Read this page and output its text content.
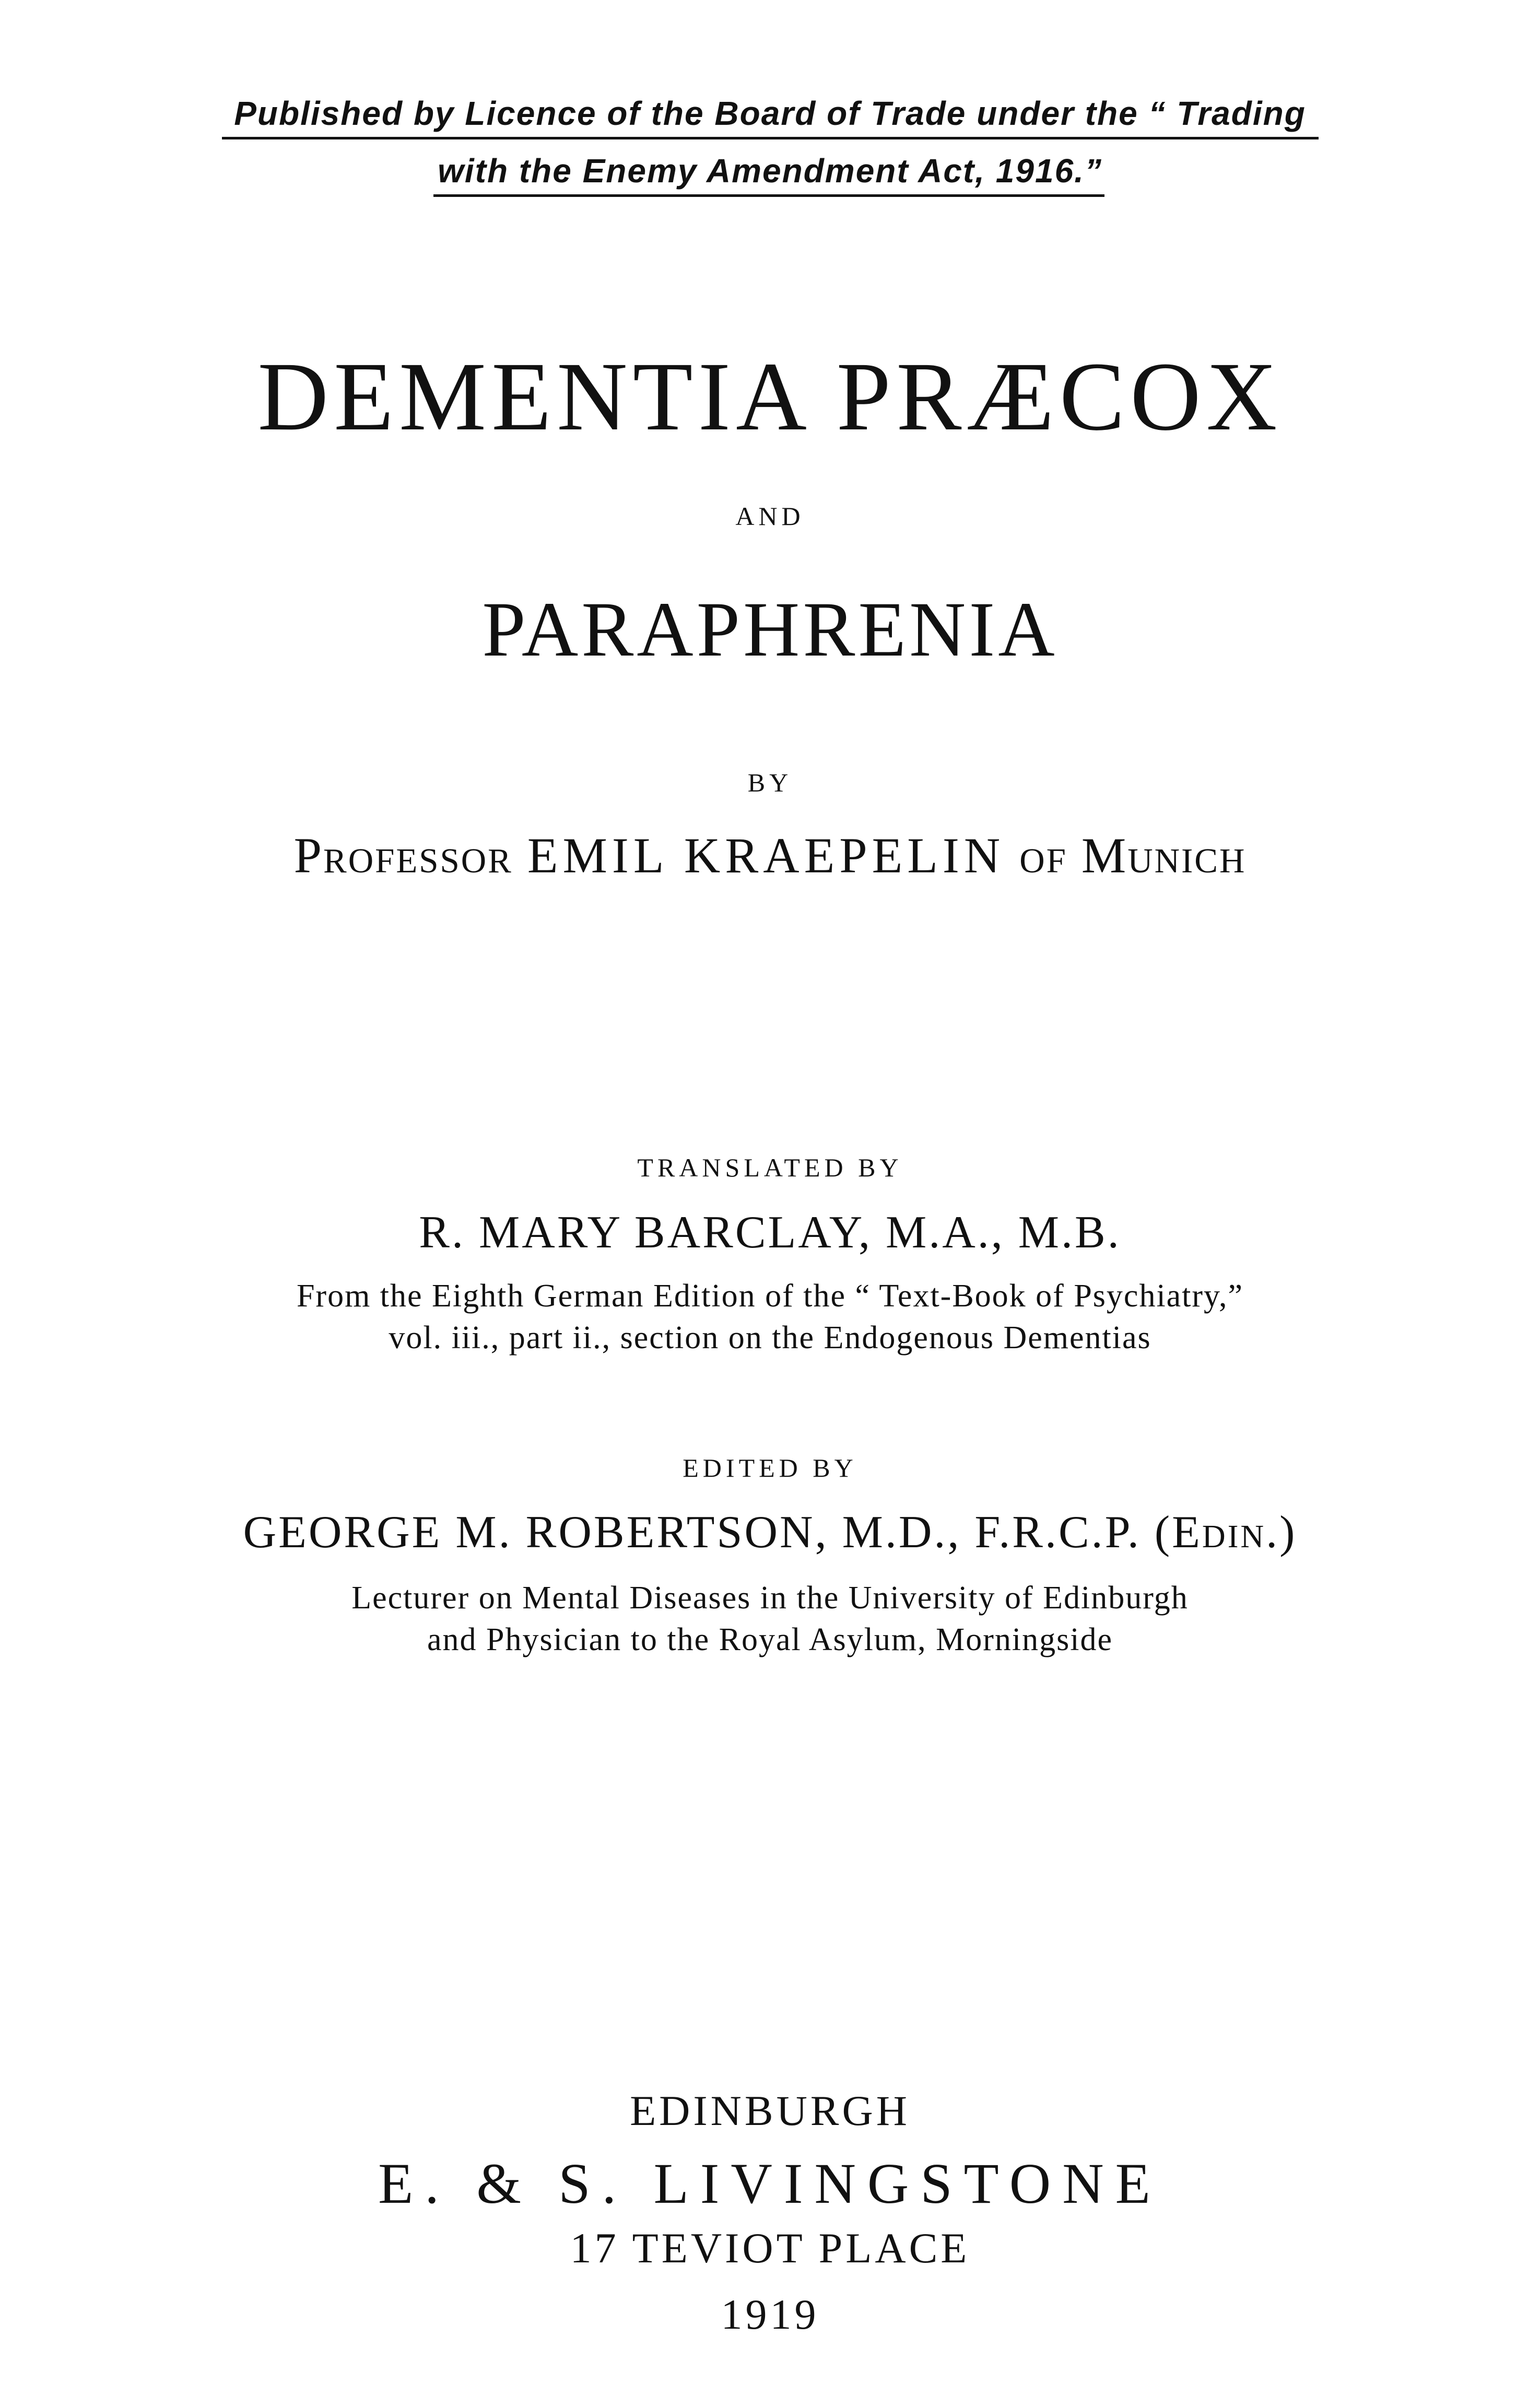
Published by Licence of the Board of Trade under the “ Trading
with the Enemy Amendment Act, 1916.”
DEMENTIA PRÆCOX
AND
PARAPHRENIA
BY
Professor EMIL KRAEPELIN of Munich
TRANSLATED BY
R. MARY BARCLAY, M.A., M.B.
From the Eighth German Edition of the “ Text-Book of Psychiatry,”
vol. iii., part ii., section on the Endogenous Dementias
EDITED BY
GEORGE M. ROBERTSON, M.D., F.R.C.P. (Edin.)
Lecturer on Mental Diseases in the University of Edinburgh
and Physician to the Royal Asylum, Morningside
EDINBURGH
E. & S. LIVINGSTONE
17 TEVIOT PLACE
1919
